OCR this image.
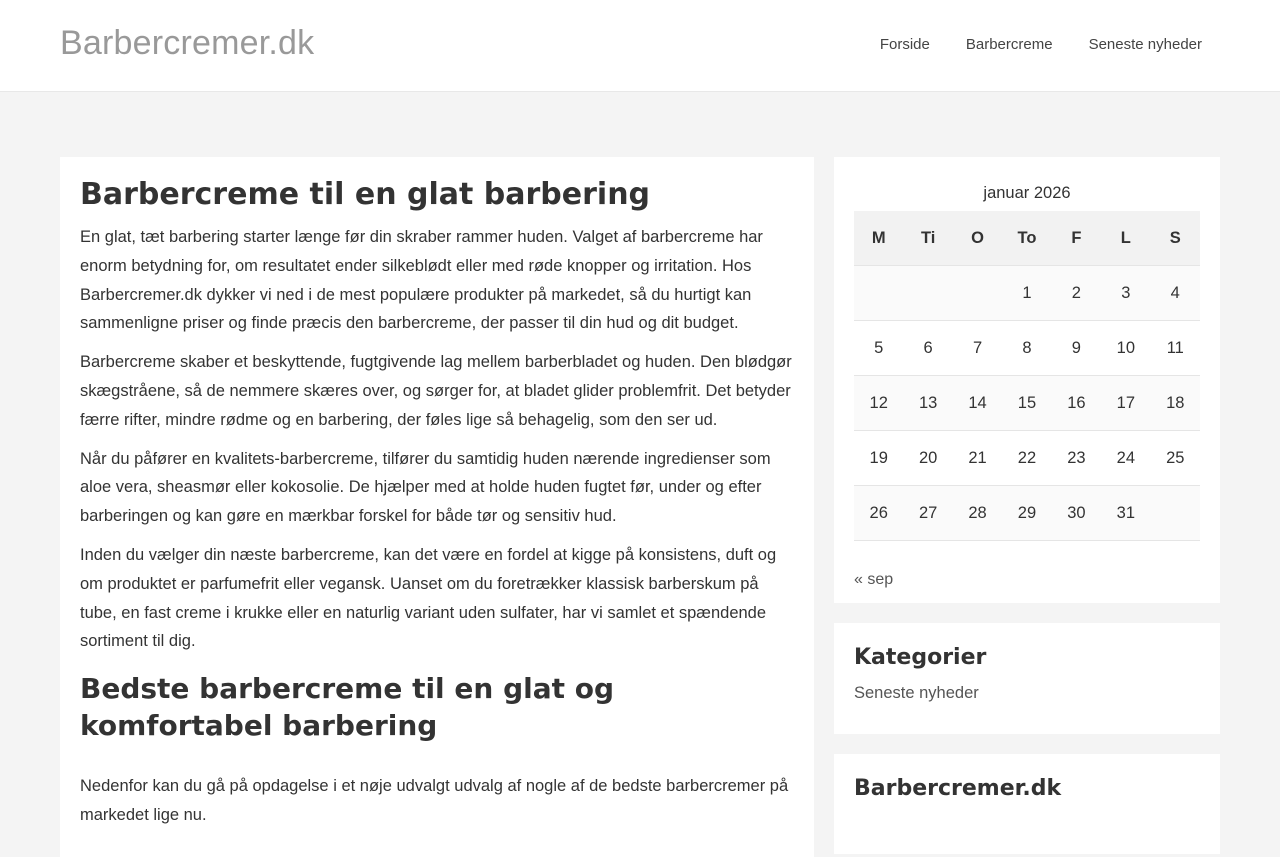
Barbercremer.dk	Forside Barbercreme Seneste nyheder
Barbercreme til en glat barbering

En glat, tæt barbering starter længe før din skraber rammer huden. Valget af barbercreme har enorm betydning for, om resultatet ender silkeblødt eller med røde knopper og irritation. Hos Barbercremer.dk dykker vi ned i de mest populære produkter på markedet, så du hurtigt kan sammenligne priser og finde præcis den barbercreme, der passer til din hud og dit budget.

Barbercreme skaber et beskyttende, fugtgivende lag mellem barberbladet og huden. Den blødgør skægstråene, så de nemmere skæres over, og sørger for, at bladet glider problemfrit. Det betyder færre rifter, mindre rødme og en barbering, der føles lige så behagelig, som den ser ud.

Når du påfører en kvalitets-barbercreme, tilfører du samtidig huden nærende ingredienser som aloe vera, sheasmør eller kokosolie. De hjælper med at holde huden fugtet før, under og efter barberingen og kan gøre en mærkbar forskel for både tør og sensitiv hud.

Inden du vælger din næste barbercreme, kan det være en fordel at kigge på konsistens, duft og om produktet er parfumefrit eller vegansk. Uanset om du foretrækker klassisk barberskum på tube, en fast creme i krukke eller en naturlig variant uden sulfater, har vi samlet et spændende sortiment til dig.

Bedste barbercreme til en glat og komfortabel barbering

Nedenfor kan du gå på opdagelse i et nøje udvalgt udvalg af nogle af de bedste barbercremer på markedet lige nu.

januar 2026
M	Ti	O	To	F	L	S
			1	2	3	4
5	6	7	8	9	10	11
12	13	14	15	16	17	18
19	20	21	22	23	24	25
26	27	28	29	30	31	
« sep
Kategorier
Seneste nyheder
Barbercremer.dk
